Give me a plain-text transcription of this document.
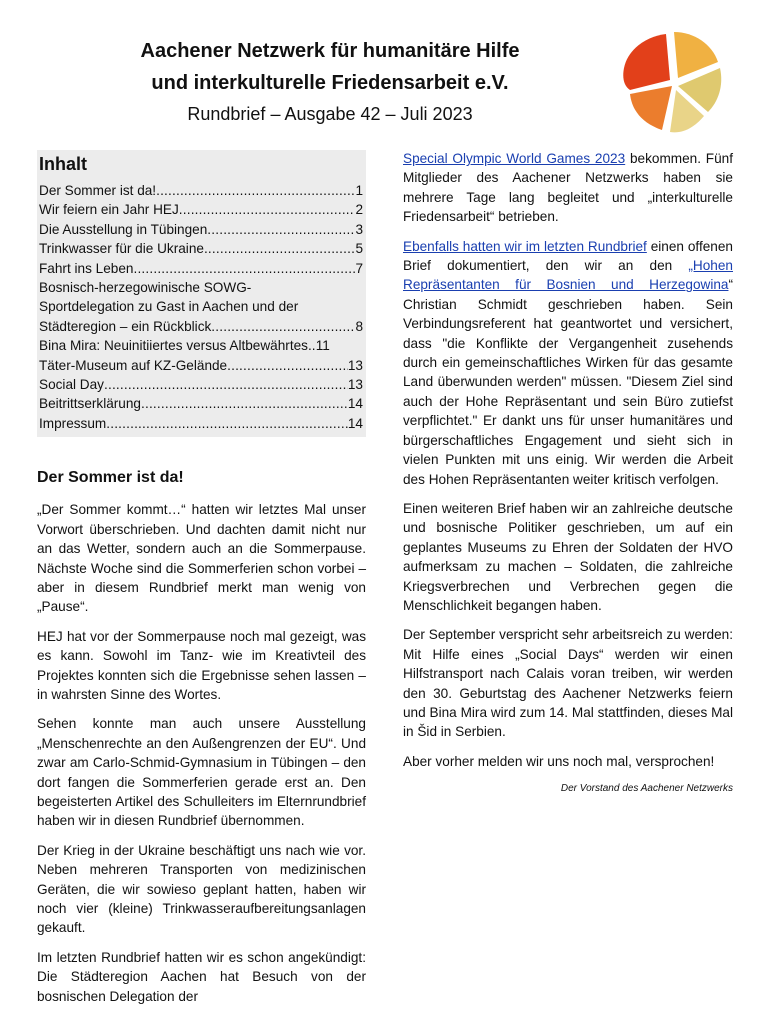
Aachener Netzwerk für humanitäre Hilfe
und interkulturelle Friedensarbeit e.V.
Rundbrief – Ausgabe 42 – Juli 2023
Inhalt
Der Sommer ist da! .....	1
Wir feiern ein Jahr HEJ .....	2
Die Ausstellung in Tübingen .....	3
Trinkwasser für die Ukraine .....	5
Fahrt ins Leben .....	7
Bosnisch-herzegowinische SOWG-
Sportdelegation zu Gast in Aachen und der
Städteregion – ein Rückblick .....	8
Bina Mira: Neuinitiiertes versus Altbewährtes. ..... 11
Täter-Museum auf KZ-Gelände .....	13
Social Day .....	13
Beitrittserklärung .....	14
Impressum .....	14
Der Sommer ist da!

„Der Sommer kommt…“ hatten wir letztes Mal unser Vorwort überschrieben. Und dachten damit nicht nur an das Wetter, sondern auch an die Sommerpause. Nächste Woche sind die Sommerferien schon vorbei – aber in diesem Rundbrief merkt man wenig von „Pause“.

HEJ hat vor der Sommerpause noch mal gezeigt, was es kann. Sowohl im Tanz- wie im Kreativteil des Projektes konnten sich die Ergebnisse sehen lassen – in wahrsten Sinne des Wortes.

Sehen konnte man auch unsere Ausstellung „Menschenrechte an den Außengrenzen der EU“. Und zwar am Carlo-Schmid-Gymnasium in Tübingen – den dort fangen die Sommerferien gerade erst an. Den begeisterten Artikel des Schulleiters im Elternrundbrief haben wir in diesen Rundbrief übernommen.

Der Krieg in der Ukraine beschäftigt uns nach wie vor. Neben mehreren Transporten von medizinischen Geräten, die wir sowieso geplant hatten, haben wir noch vier (kleine) Trinkwasseraufbereitungsanlagen gekauft.

Im letzten Rundbrief hatten wir es schon angekündigt: Die Städteregion Aachen hat Besuch von der bosnischen Delegation der

Special Olympic World Games 2023 bekommen. Fünf Mitglieder des Aachener Netzwerks haben sie mehrere Tage lang begleitet und „interkulturelle Friedensarbeit“ betrieben.

Ebenfalls hatten wir im letzten Rundbrief einen offenen Brief dokumentiert, den wir an den „Hohen Repräsentanten für Bosnien und Herzegowina“ Christian Schmidt geschrieben haben. Sein Verbindungsreferent hat geantwortet und versichert, dass "die Konflikte der Vergangenheit zusehends durch ein gemeinschaftliches Wirken für das gesamte Land überwunden werden" müssen. "Diesem Ziel sind auch der Hohe Repräsentant und sein Büro zutiefst verpflichtet." Er dankt uns für unser humanitäres und bürgerschaftliches Engagement und sieht sich in vielen Punkten mit uns einig. Wir werden die Arbeit des Hohen Repräsentanten weiter kritisch verfolgen.

Einen weiteren Brief haben wir an zahlreiche deutsche und bosnische Politiker geschrieben, um auf ein geplantes Museums zu Ehren der Soldaten der HVO aufmerksam zu machen – Soldaten, die zahlreiche Kriegsverbrechen und Verbrechen gegen die Menschlichkeit begangen haben.

Der September verspricht sehr arbeitsreich zu werden: Mit Hilfe eines „Social Days“ werden wir einen Hilfstransport nach Calais voran treiben, wir werden den 30. Geburtstag des Aachener Netzwerks feiern und Bina Mira wird zum 14. Mal stattfinden, dieses Mal in Šid in Serbien.

Aber vorher melden wir uns noch mal, versprochen!

Der Vorstand des Aachener Netzwerks
